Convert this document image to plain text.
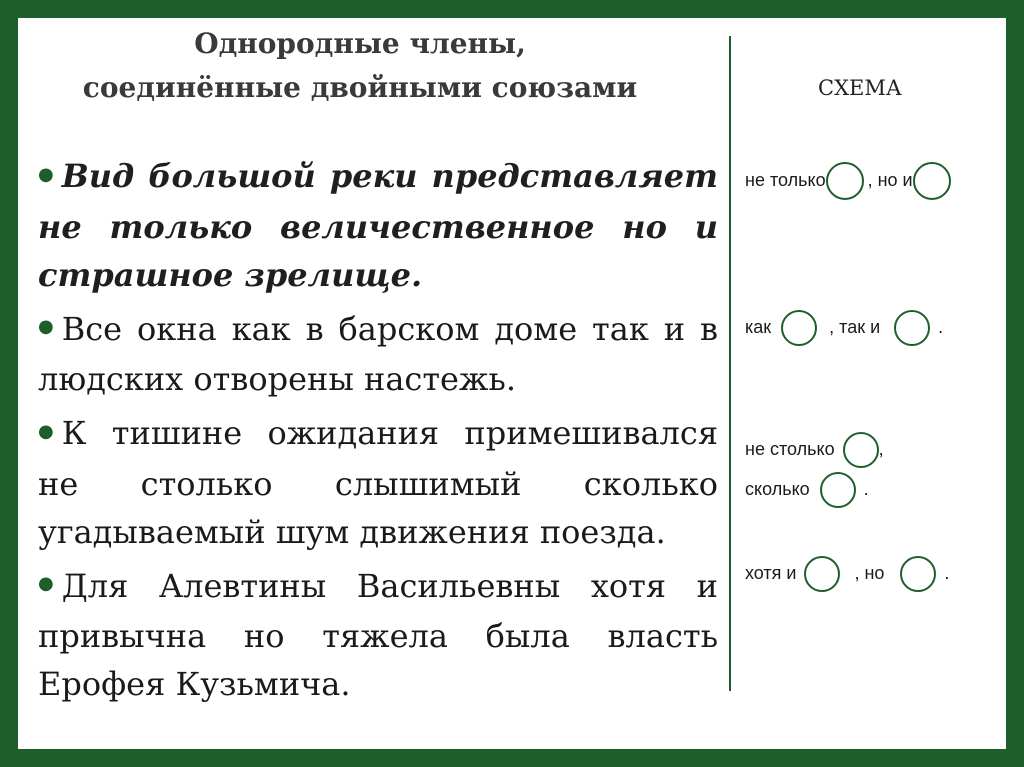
Однородные члены,
соединённые двойными союзами	СХЕМА
● Вид большой реки представляет не только величественное но и страшное зрелище.
● Все окна как в барском доме так и в людских отворены настежь.
● К тишине ожидания примешивался не столько слышимый сколько угадываемый шум движения поезда.
● Для Алевтины Васильевны хотя и привычна но тяжела была власть Ерофея Кузьмича.
не только , но и
как	, так и	.
не столько ,
сколько	.
хотя и	, но	.
